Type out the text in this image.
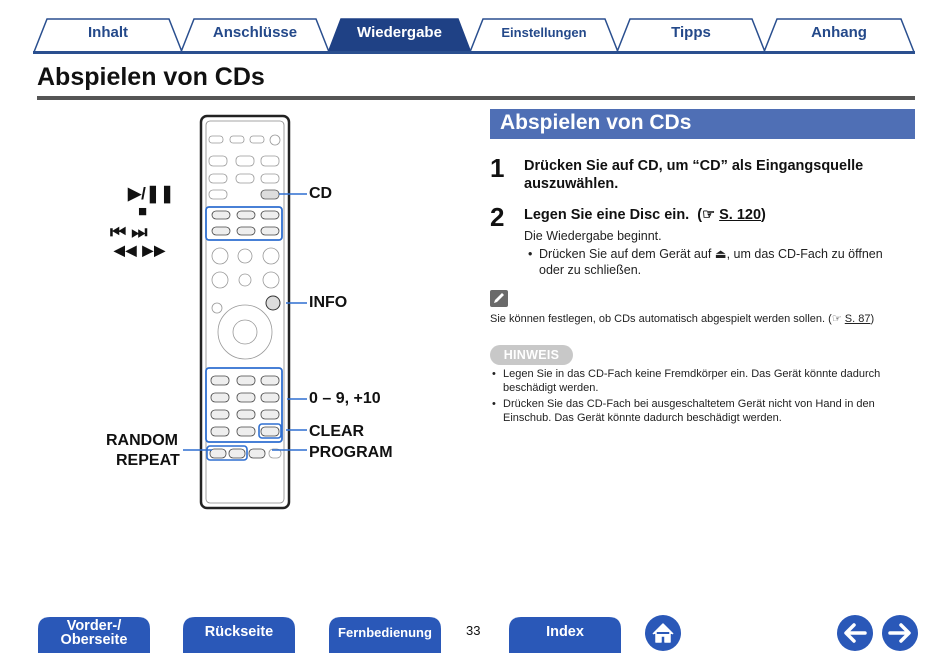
Inhalt	Anschlüsse	Wiedergabe	Einstellungen	Tipps	Anhang
Abspielen von CDs
▶/❚❚
■
⏮ ⏭
◀◀ ▶▶
CD
INFO
0 – 9, +10
CLEAR
PROGRAM
RANDOM
REPEAT
Abspielen von CDs
1 Drücken Sie auf CD, um “CD” als Eingangsquelle
auszuwählen.
2 Legen Sie eine Disc ein.  (☞ S. 120)
Die Wiedergabe beginnt.
• Drücken Sie auf dem Gerät auf ⏏, um das CD-Fach zu öffnen
oder zu schließen.
Sie können festlegen, ob CDs automatisch abgespielt werden sollen. (☞ S. 87)
HINWEIS
• Legen Sie in das CD-Fach keine Fremdkörper ein. Das Gerät könnte dadurch
beschädigt werden.
• Drücken Sie das CD-Fach bei ausgeschaltetem Gerät nicht von Hand in den
Einschub. Das Gerät könnte dadurch beschädigt werden.
Vorder-/

Oberseite	Rückseite	Fernbedienung	33	Index
